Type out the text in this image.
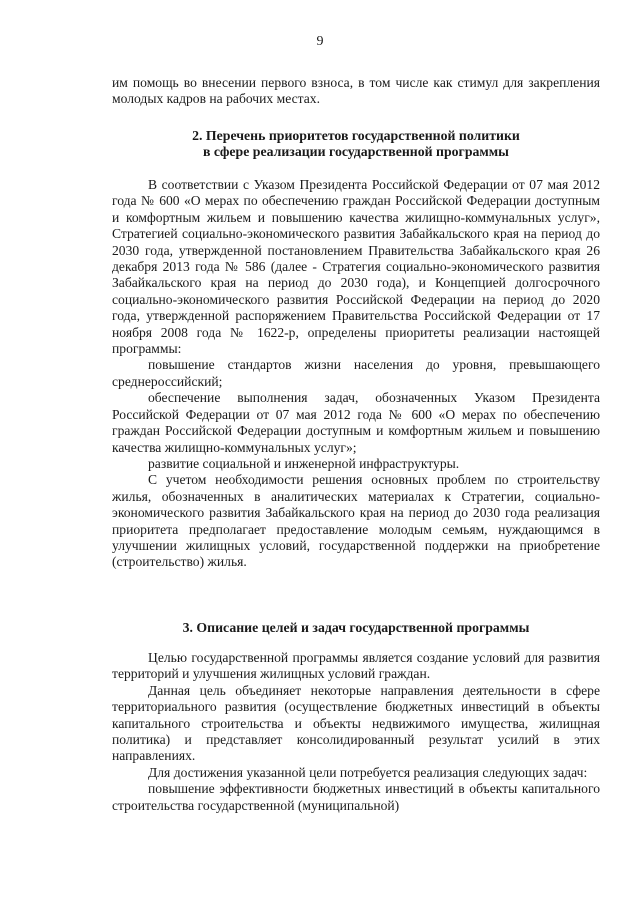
9

им помощь во внесении первого взноса, в том числе как стимул для закрепления молодых кадров на рабочих местах.

2. Перечень приоритетов государственной политики

в сфере реализации государственной программы

В соответствии с Указом Президента Российской Федерации от 07 мая 2012 года № 600 «О мерах по обеспечению граждан Российской Федерации доступным и комфортным жильем и повышению качества жилищно-коммунальных услуг», Стратегией социально-экономического развития Забайкальского края на период до 2030 года, утвержденной постановлением Правительства Забайкальского края 26 декабря 2013 года № 586 (далее - Стратегия социально-экономического развития Забайкальского края на период до 2030 года), и Концепцией долгосрочного социально-экономического развития Российской Федерации на период до 2020 года, утвержденной распоряжением Правительства Российской Федерации от 17 ноября 2008 года № 1622-р, определены приоритеты реализации настоящей программы:

повышение стандартов жизни населения до уровня, превышающего среднероссийский;

обеспечение выполнения задач, обозначенных Указом Президента Российской Федерации от 07 мая 2012 года № 600 «О мерах по обеспечению граждан Российской Федерации доступным и комфортным жильем и повышению качества жилищно-коммунальных услуг»;

развитие социальной и инженерной инфраструктуры.

С учетом необходимости решения основных проблем по строительству жилья, обозначенных в аналитических материалах к Стратегии, социально-экономического развития Забайкальского края на период до 2030 года реализация приоритета предполагает предоставление молодым семьям, нуждающимся в улучшении жилищных условий, государственной поддержки на приобретение (строительство) жилья.

3. Описание целей и задач государственной программы

Целью государственной программы является создание условий для развития территорий и улучшения жилищных условий граждан.

Данная цель объединяет некоторые направления деятельности в сфере территориального развития (осуществление бюджетных инвестиций в объекты капитального строительства и объекты недвижимого имущества, жилищная политика) и представляет консолидированный результат усилий в этих направлениях.

Для достижения указанной цели потребуется реализация следующих задач:

повышение эффективности бюджетных инвестиций в объекты капитального строительства государственной (муниципальной)
